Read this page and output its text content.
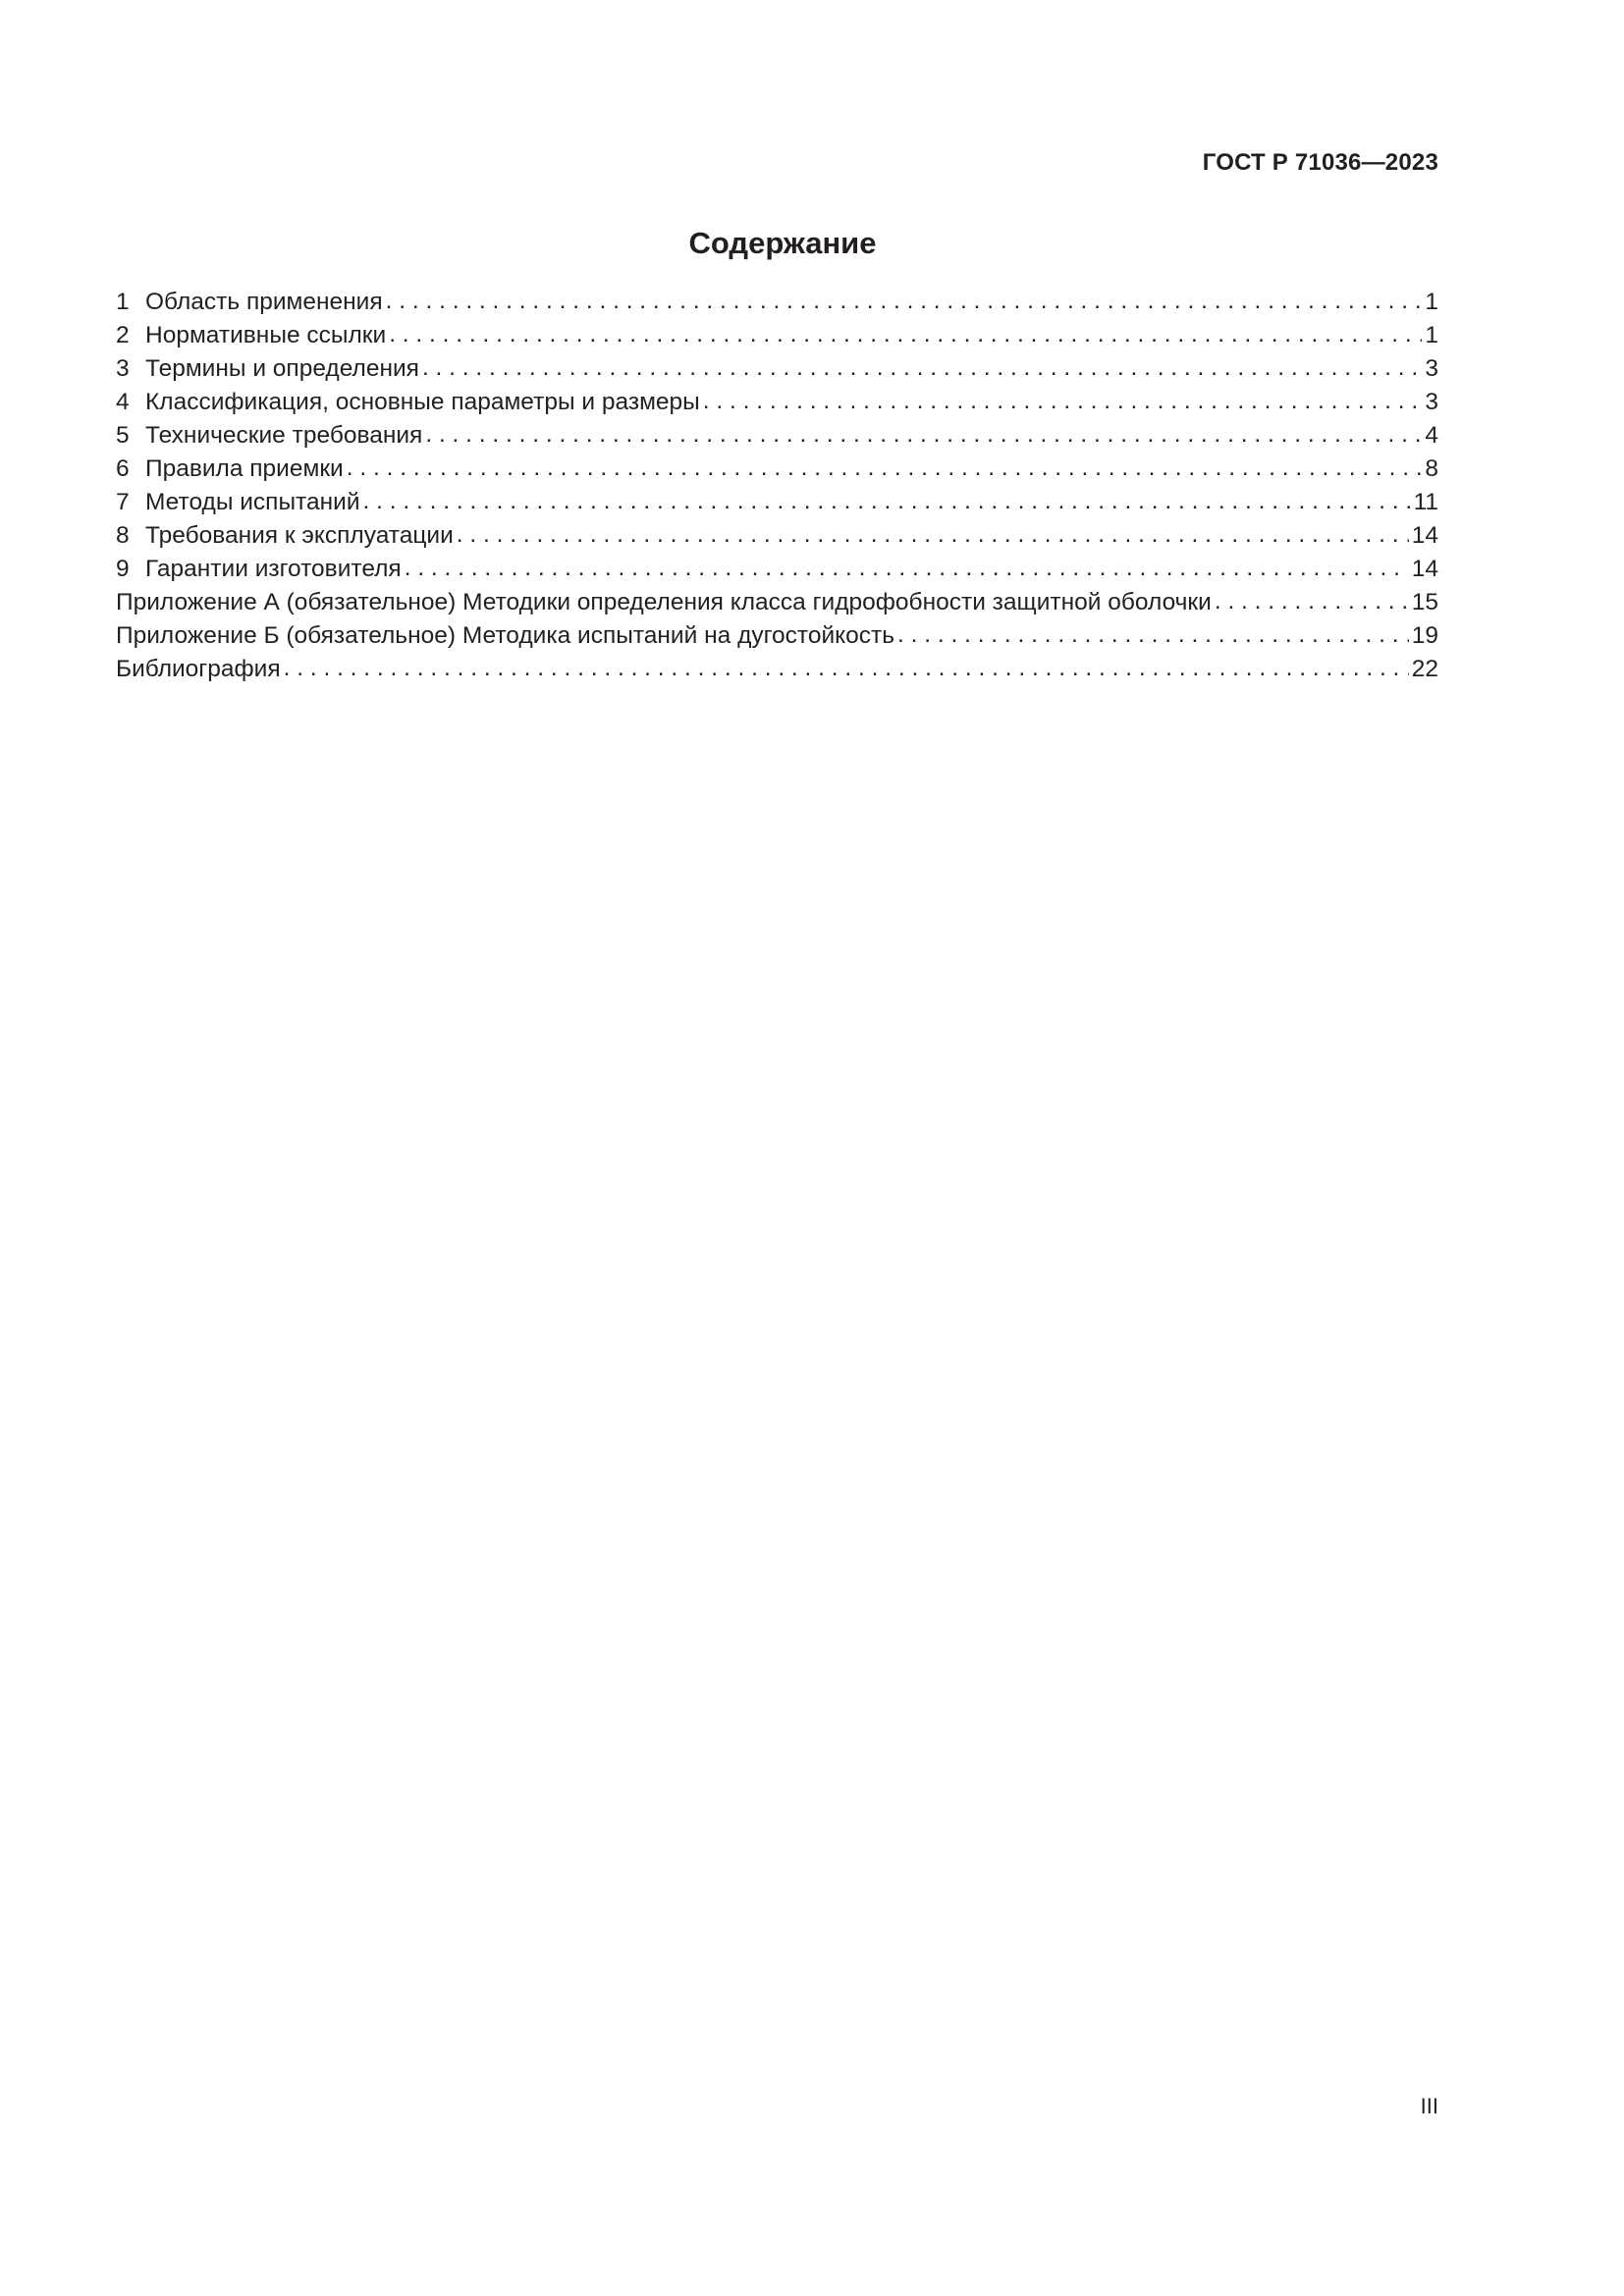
ГОСТ Р 71036—2023
Содержание
1 Область применения . . .	1
2 Нормативные ссылки . . .	1
3 Термины и определения . . .	3
4 Классификация, основные параметры и размеры . . .	3
5 Технические требования . . .	4
6 Правила приемки . . .	8
7 Методы испытаний . . .	11
8 Требования к эксплуатации . . .	14
9 Гарантии изготовителя . . .	14
Приложение А (обязательное) Методики определения класса гидрофобности защитной оболочки . . .	15
Приложение Б (обязательное) Методика испытаний на дугостойкость . . .	19
Библиография . . .	22
III
